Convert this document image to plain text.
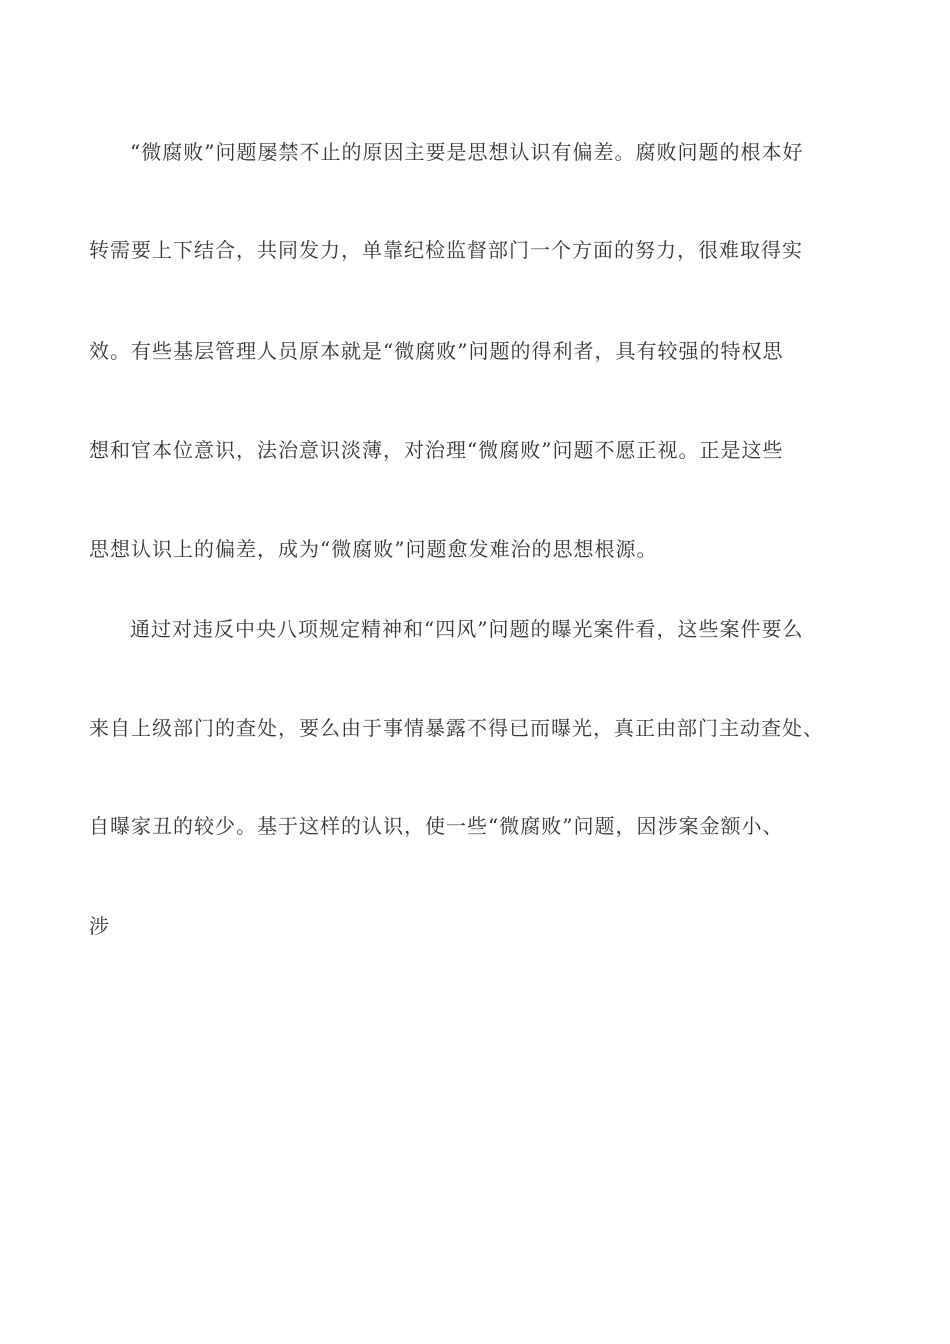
“微腐败”问题屡禁不止的原因主要是思想认识有偏差。腐败问题的根本好
转需要上下结合，共同发力，单靠纪检监督部门一个方面的努力，很难取得实
效。有些基层管理人员原本就是“微腐败”问题的得利者，具有较强的特权思
想和官本位意识，法治意识淡薄，对治理“微腐败”问题不愿正视。正是这些
思想认识上的偏差，成为“微腐败”问题愈发难治的思想根源。
通过对违反中央八项规定精神和“四风”问题的曝光案件看，这些案件要么
来自上级部门的查处，要么由于事情暴露不得已而曝光，真正由部门主动查处、
自曝家丑的较少。基于这样的认识，使一些“微腐败”问题，因涉案金额小、
涉
